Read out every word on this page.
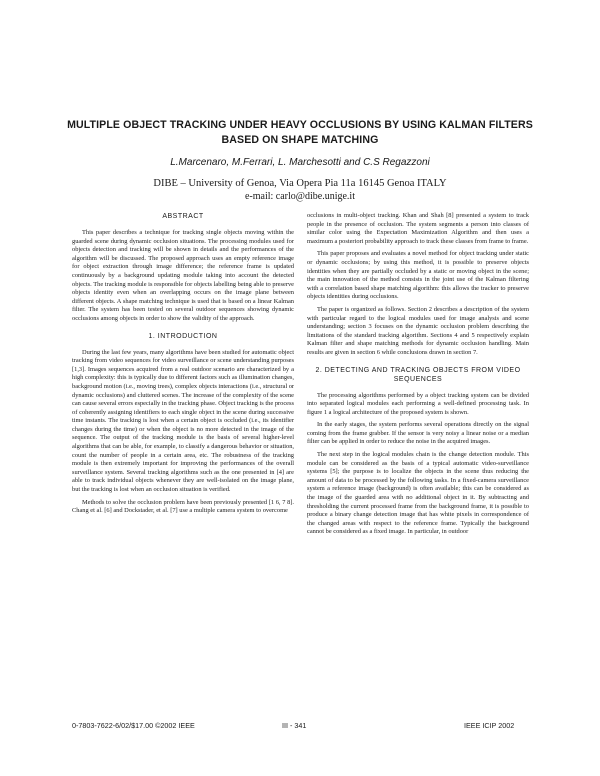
MULTIPLE OBJECT TRACKING UNDER HEAVY OCCLUSIONS BY USING KALMAN FILTERS BASED ON SHAPE MATCHING
L.Marcenaro, M.Ferrari, L. Marchesotti and C.S Regazzoni
DIBE – University of Genoa, Via Opera Pia 11a 16145 Genoa ITALY
e-mail: carlo@dibe.unige.it
ABSTRACT

This paper describes a technique for tracking single objects moving within the guarded scene during dynamic occlusion situations. The processing modules used for objects detection and tracking will be shown in details and the performances of the algorithm will be discussed. The proposed approach uses an empty reference image for object extraction through image difference; the reference frame is updated continuously by a background updating module taking into account the detected objects. The tracking module is responsible for objects labelling being able to preserve objects identity even when an overlapping occurs on the image plane between different objects. A shape matching technique is used that is based on a linear Kalman filter. The system has been tested on several outdoor sequences showing dynamic occlusions among objects in order to show the validity of the approach.

1. INTRODUCTION

During the last few years, many algorithms have been studied for automatic object tracking from video sequences for video surveillance or scene understanding purposes [1,3]. Images sequences acquired from a real outdoor scenario are characterized by a high complexity: this is typically due to different factors such as illumination changes, background motion (i.e., moving trees), complex objects interactions (i.e., structural or dynamic occlusions) and cluttered scenes. The increase of the complexity of the scene can cause several errors especially in the tracking phase. Object tracking is the process of coherently assigning identifiers to each single object in the scene during successive time instants. The tracking is lost when a certain object is occluded (i.e., its identifier changes during the time) or when the object is no more detected in the image of the sequence. The output of the tracking module is the basis of several higher-level algorithms that can be able, for example, to classify a dangerous behavior or situation, count the number of people in a certain area, etc. The robustness of the tracking module is then extremely important for improving the performances of the overall surveillance system. Several tracking algorithms such as the one presented in [4] are able to track individual objects whenever they are well-isolated on the image plane, but the tracking is lost when an occlusion situation is verified.

Methods to solve the occlusion problem have been previously presented [1 6, 7 8]. Chang et al. [6] and Dockstader, et al. [7] use a multiple camera system to overcome

occlusions in multi-object tracking. Khan and Shah [8] presented a system to track people in the presence of occlusion. The system segments a person into classes of similar color using the Expectation Maximization Algorithm and then uses a maximum a posteriori probability approach to track these classes from frame to frame.

This paper proposes and evaluates a novel method for object tracking under static or dynamic occlusions; by using this method, it is possible to preserve objects identities when they are partially occluded by a static or moving object in the scene; the main innovation of the method consists in the joint use of the Kalman filtering with a correlation based shape matching algorithm: this allows the tracker to preserve objects identities during occlusions.

The paper is organized as follows. Section 2 describes a description of the system with particular regard to the logical modules used for image analysis and scene understanding; section 3 focuses on the dynamic occlusion problem describing the limitations of the standard tracking algorithm. Sections 4 and 5 respectively explain Kalman filter and shape matching methods for dynamic occlusion handling. Main results are given in section 6 while conclusions drawn in section 7.

2. DETECTING AND TRACKING OBJECTS FROM VIDEO SEQUENCES

The processing algorithms performed by a object tracking system can be divided into separated logical modules each performing a well-defined processing task. In figure 1 a logical architecture of the proposed system is shown.

In the early stages, the system performs several operations directly on the signal coming from the frame grabber. If the sensor is very noisy a linear noise or a median filter can be applied in order to reduce the noise in the acquired images.

The next step in the logical modules chain is the change detection module. This module can be considered as the basis of a typical automatic video-surveillance systems [5]; the purpose is to localize the objects in the scene thus reducing the amount of data to be processed by the following tasks. In a fixed-camera surveillance system a reference image (background) is often available; this can be considered as the image of the guarded area with no additional object in it. By subtracting and thresholding the current processed frame from the background frame, it is possible to produce a binary change detection image that has white pixels in correspondence of the changed areas with respect to the reference frame. Typically the background cannot be considered as a fixed image. In particular, in outdoor

0-7803-7622-6/02/$17.00 ©2002 IEEE	III - 341	IEEE ICIP 2002
